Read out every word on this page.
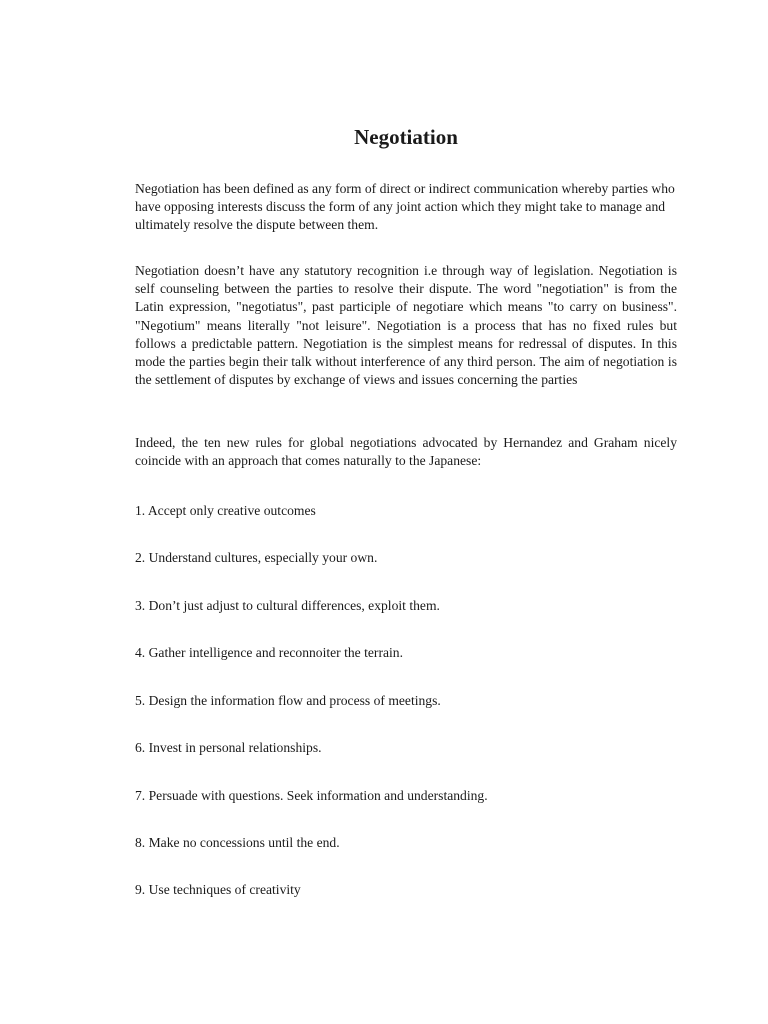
Negotiation

Negotiation has been defined as any form of direct or indirect communication whereby parties who have opposing interests discuss the form of any joint action which they might take to manage and ultimately resolve the dispute between them.

Negotiation doesn’t have any statutory recognition i.e through way of legislation. Negotiation is self counseling between the parties to resolve their dispute. The word "negotiation" is from the Latin expression, "negotiatus", past participle of negotiare which means "to carry on business". "Negotium" means literally "not leisure". Negotiation is a process that has no fixed rules but follows a predictable pattern. Negotiation is the simplest means for redressal of disputes. In this mode the parties begin their talk without interference of any third person. The aim of negotiation is the settlement of disputes by exchange of views and issues concerning the parties

Indeed, the ten new rules for global negotiations advocated by Hernandez and Graham nicely coincide with an approach that comes naturally to the Japanese:

1. Accept only creative outcomes

2. Understand cultures, especially your own.

3. Don’t just adjust to cultural differences, exploit them.

4. Gather intelligence and reconnoiter the terrain.

5. Design the information flow and process of meetings.

6. Invest in personal relationships.

7. Persuade with questions. Seek information and understanding.

8. Make no concessions until the end.

9. Use techniques of creativity
